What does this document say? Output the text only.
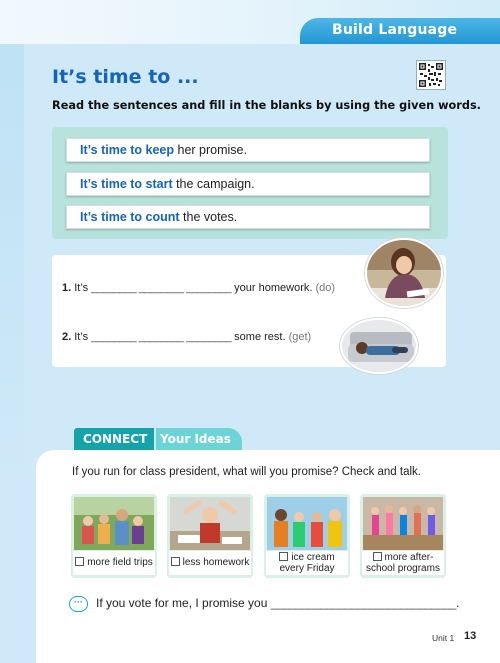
Build Language
It’s time to ...
Read the sentences and fill in the blanks by using the given words.
It’s time to keep her promise.
It’s time to start the campaign.
It’s time to count the votes.
1. It’s ________ ________ ________ your homework. (do)
2. It’s ________ ________ ________ some rest. (get)
CONNECT	Your Ideas
If you run for class president, what will you promise? Check and talk.
more field trips	less homework
ice cream every Friday
more after-school programs
···	If you vote for me, I promise you ______________________________.
Unit 1 13
